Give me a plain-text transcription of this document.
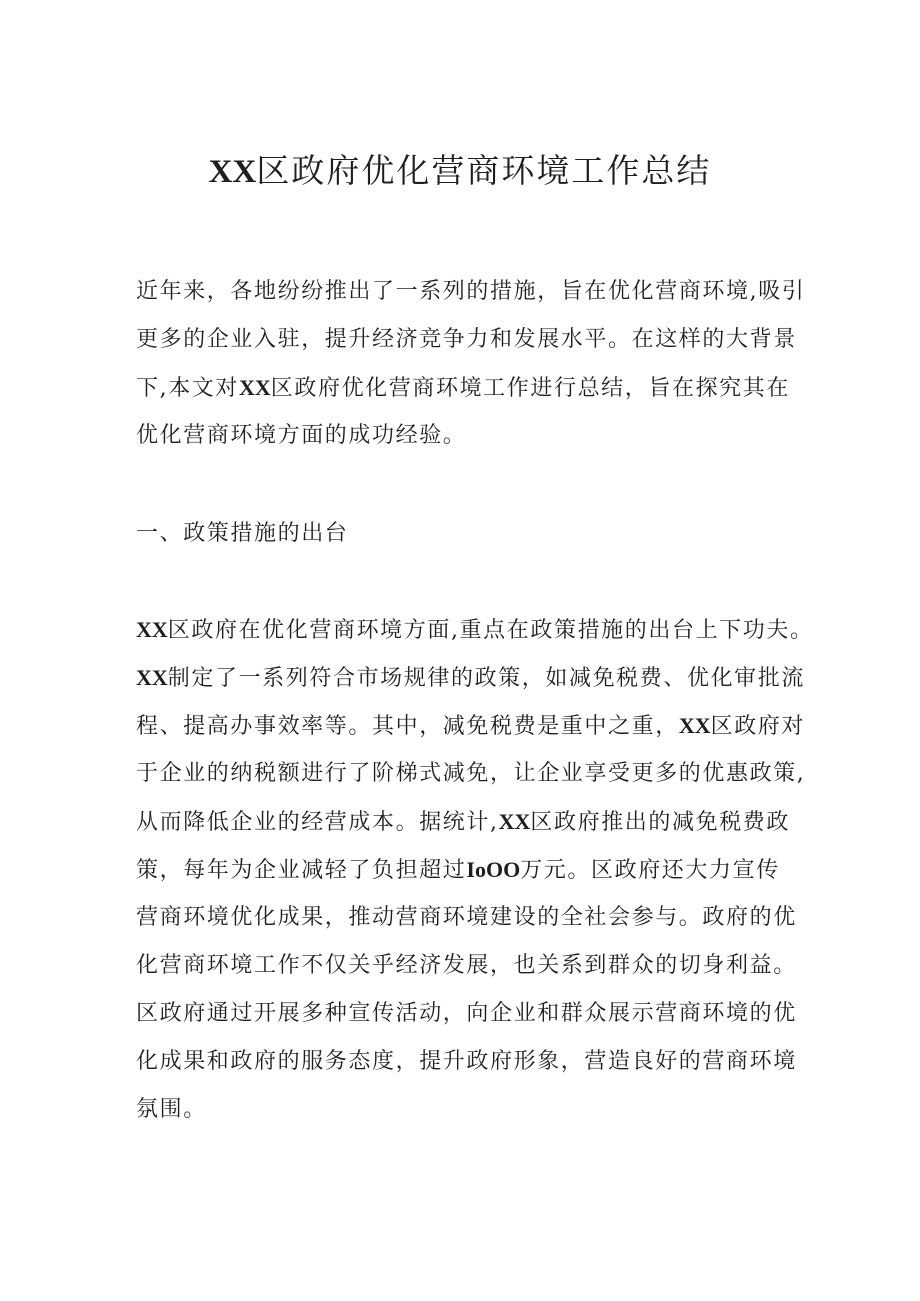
XX区政府优化营商环境工作总结
近年来，各地纷纷推出了一系列的措施，旨在优化营商环境,吸引
更多的企业入驻，提升经济竞争力和发展水平。在这样的大背景
下,本文对XX区政府优化营商环境工作进行总结，旨在探究其在
优化营商环境方面的成功经验。
一、政策措施的出台
XX区政府在优化营商环境方面,重点在政策措施的出台上下功夫。
XX制定了一系列符合市场规律的政策，如减免税费、优化审批流
程、提高办事效率等。其中，减免税费是重中之重，XX区政府对
于企业的纳税额进行了阶梯式减免，让企业享受更多的优惠政策,
从而降低企业的经营成本。据统计,XX区政府推出的减免税费政
策，每年为企业减轻了负担超过IoOO万元。区政府还大力宣传
营商环境优化成果，推动营商环境建设的全社会参与。政府的优
化营商环境工作不仅关乎经济发展，也关系到群众的切身利益。
区政府通过开展多种宣传活动，向企业和群众展示营商环境的优
化成果和政府的服务态度，提升政府形象，营造良好的营商环境
氛围。
